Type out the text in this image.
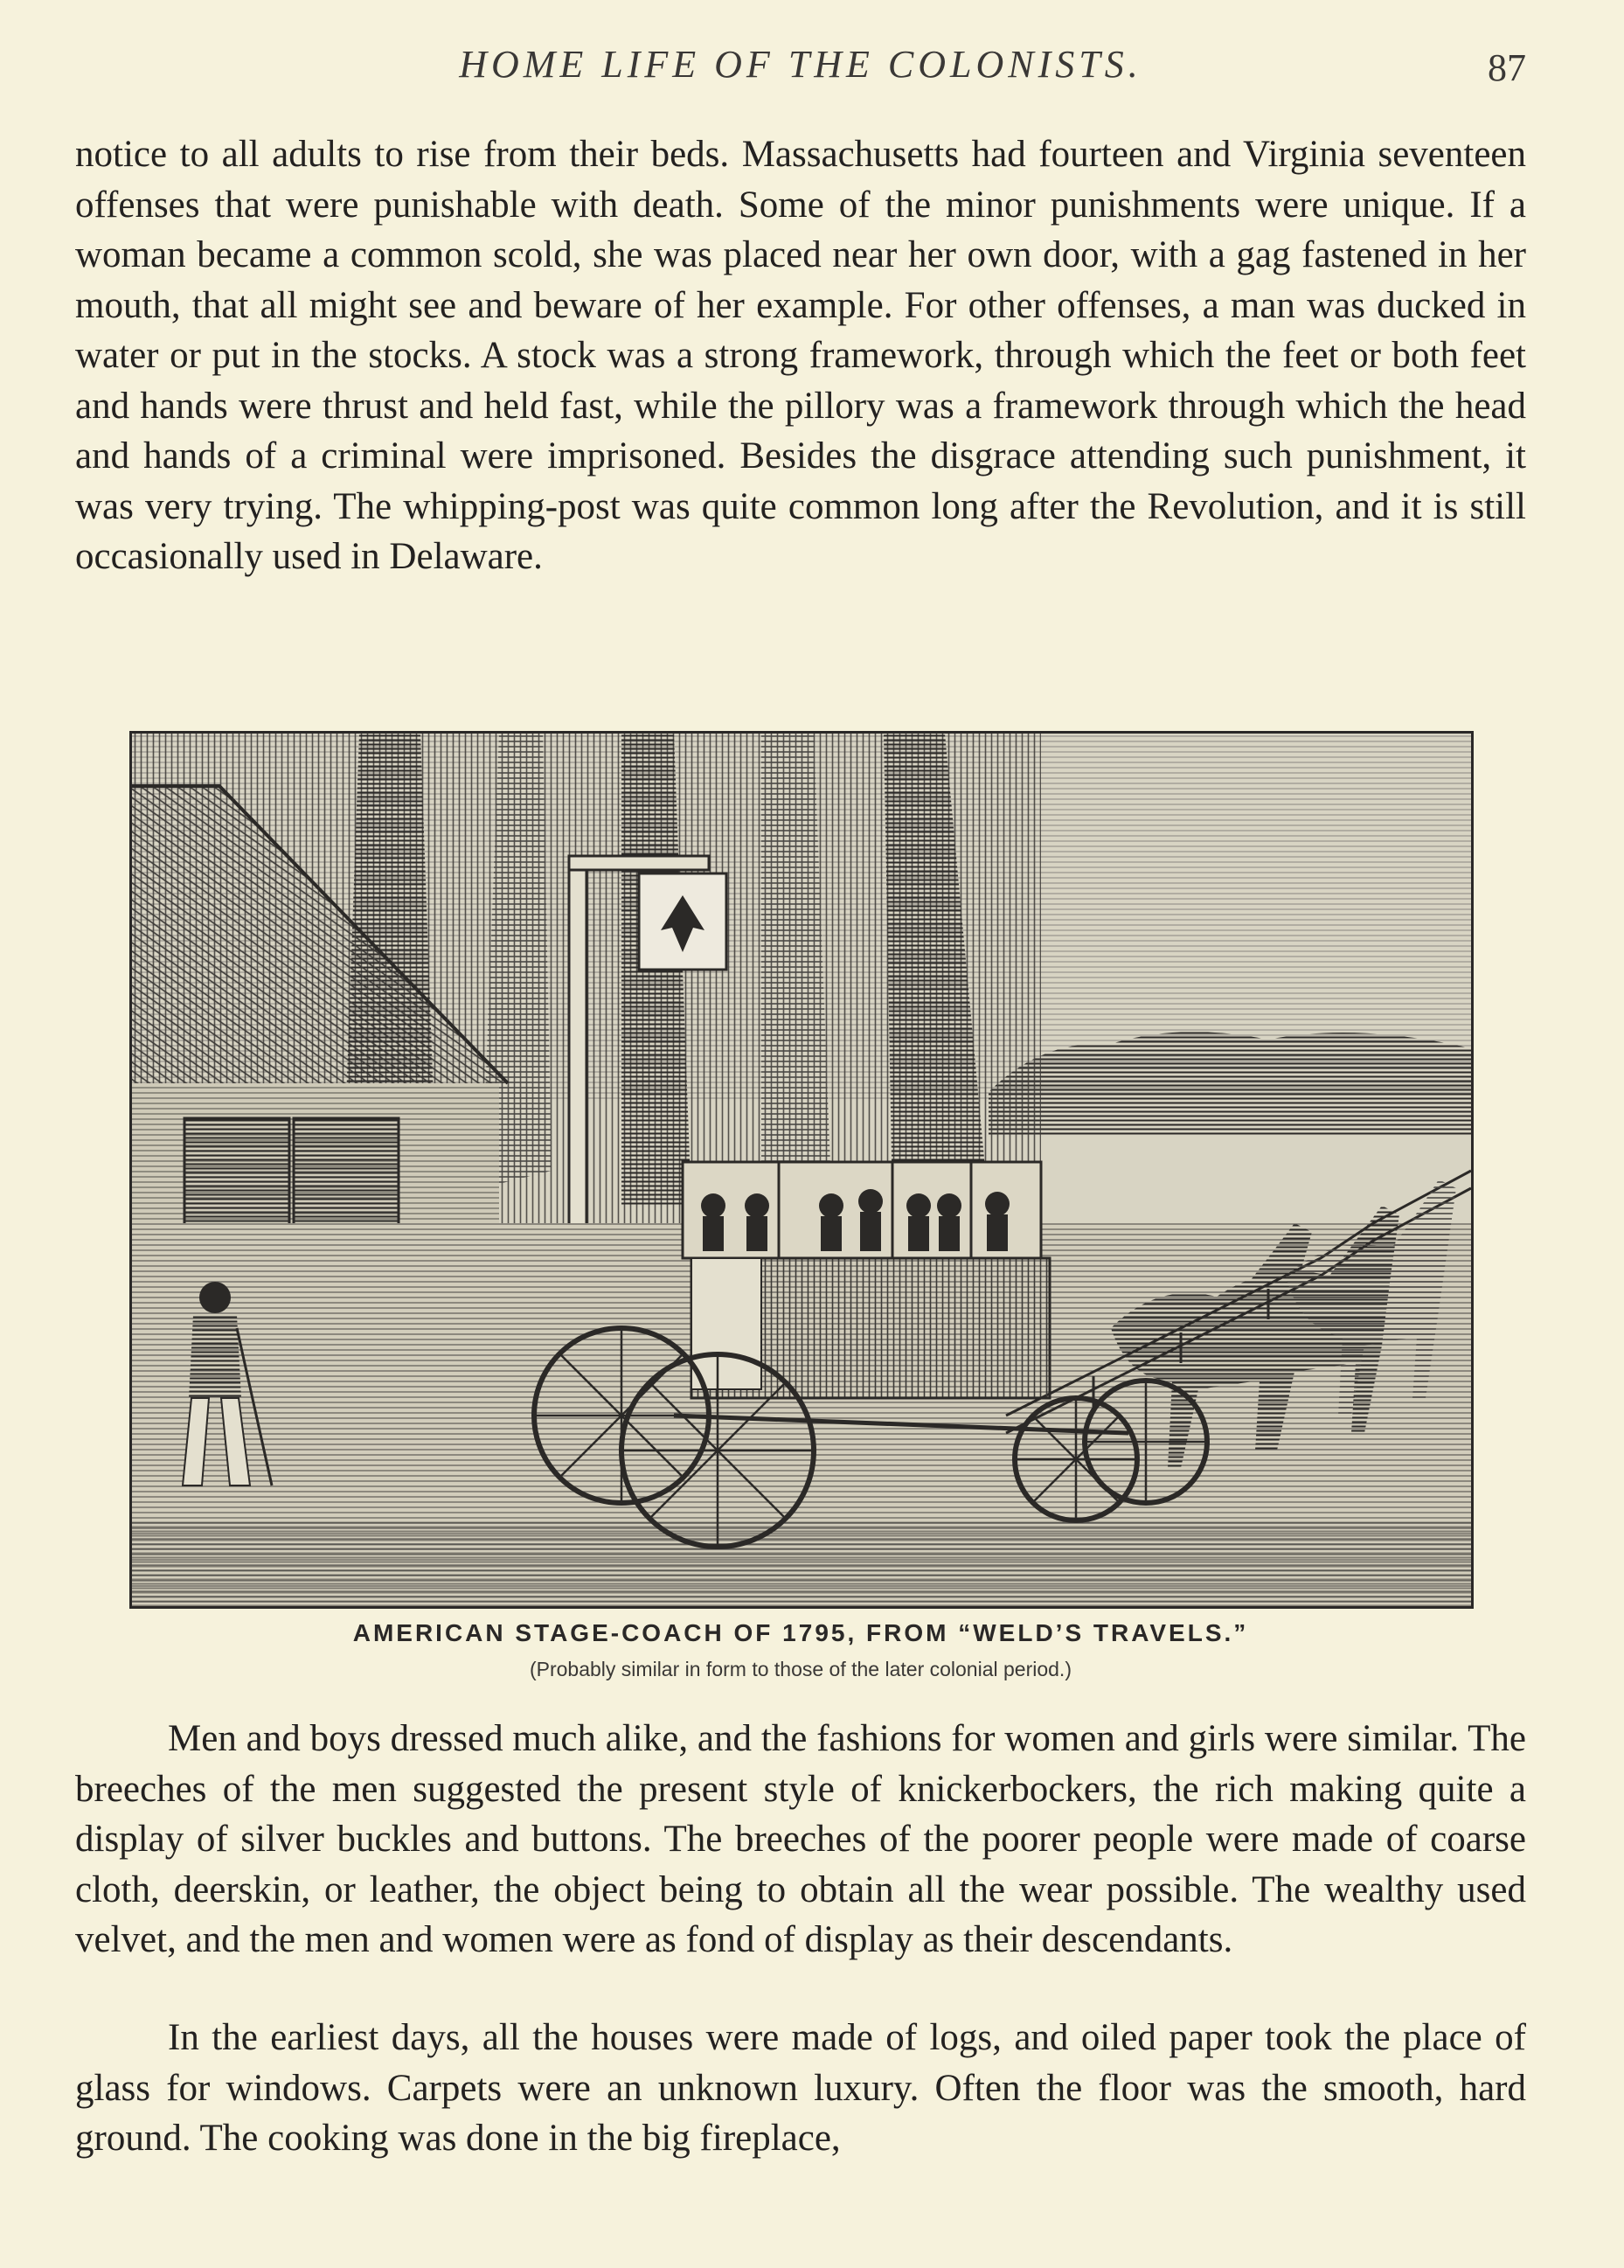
HOME LIFE OF THE COLONISTS.	87

notice to all adults to rise from their beds. Massachusetts had fourteen and Virginia seventeen offenses that were punishable with death. Some of the minor punishments were unique. If a woman became a common scold, she was placed near her own door, with a gag fastened in her mouth, that all might see and beware of her example. For other offenses, a man was ducked in water or put in the stocks. A stock was a strong framework, through which the feet or both feet and hands were thrust and held fast, while the pillory was a framework through which the head and hands of a criminal were imprisoned. Besides the disgrace attending such punishment, it was very trying. The whipping-post was quite common long after the Revolution, and it is still occasionally used in Delaware.

AMERICAN STAGE-COACH OF 1795, FROM “WELD’S TRAVELS.”
(Probably similar in form to those of the later colonial period.)

Men and boys dressed much alike, and the fashions for women and girls were similar. The breeches of the men suggested the present style of knickerbockers, the rich making quite a display of silver buckles and buttons. The breeches of the poorer people were made of coarse cloth, deerskin, or leather, the object being to obtain all the wear possible. The wealthy used velvet, and the men and women were as fond of display as their descendants.

In the earliest days, all the houses were made of logs, and oiled paper took the place of glass for windows. Carpets were an unknown luxury. Often the floor was the smooth, hard ground. The cooking was done in the big fireplace,
